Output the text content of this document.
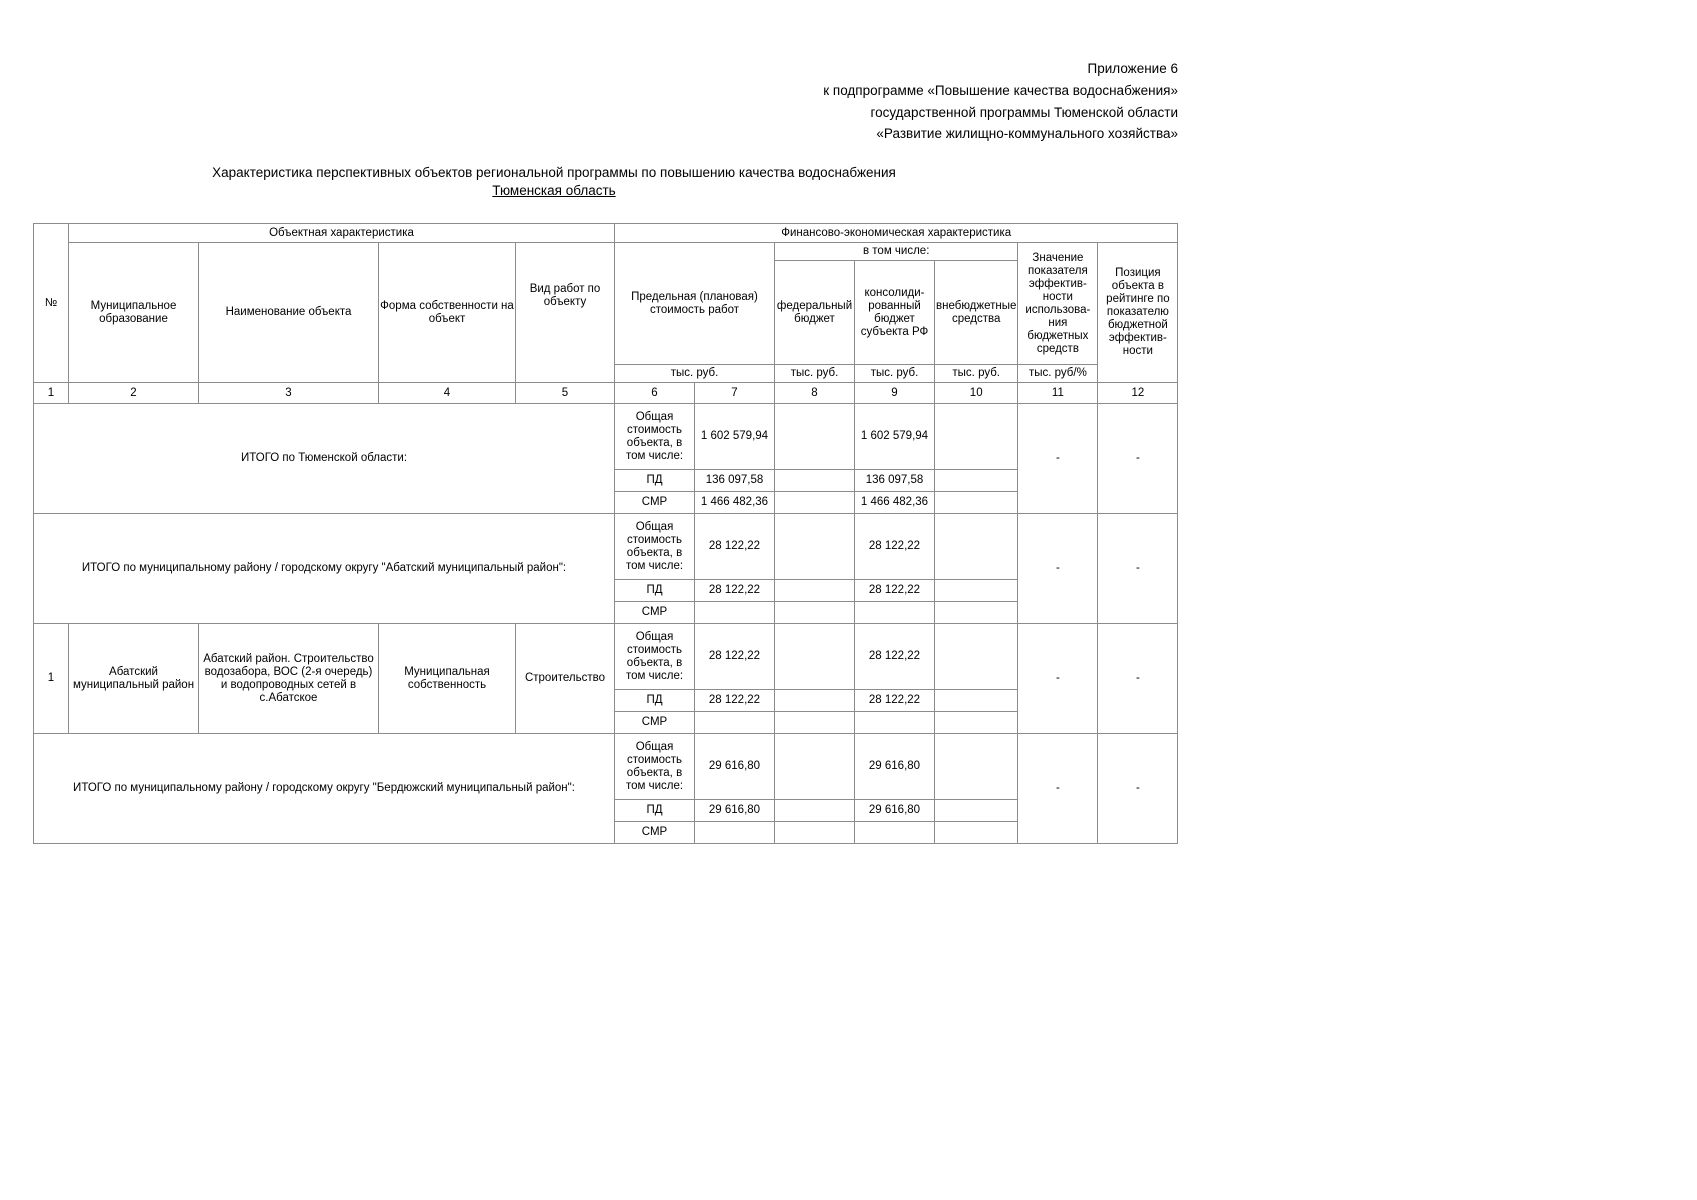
Приложение 6
к подпрограмме «Повышение качества водоснабжения»
государственной программы Тюменской области
«Развитие жилищно-коммунального хозяйства»
Характеристика перспективных объектов региональной программы по повышению качества водоснабжения
Тюменская область
№	Объектная характеристика				Финансово-экономическая характеристика						
	Муниципальное образование	Наименование объекта	Форма собственности на объект	Вид работ по объекту	Предельная (плановая) стоимость работ		в том числе:			Значение показателя эффектив-ности использова-ния бюджетных средств	Позиция объекта в рейтинге по показателю бюджетной эффектив-ности
							федеральный бюджет	консолиди-рованный бюджет субъекта РФ	внебюджетные средства		
					тыс. руб.		тыс. руб.	тыс. руб.	тыс. руб.	тыс. руб/%	
1	2	3	4	5	6	7	8	9	10	11	12
ИТОГО по Тюменской области:					Общая стоимость объекта, в том числе:	1 602 579,94		1 602 579,94		-	-
					ПД	136 097,58		136 097,58			
					СМР	1 466 482,36		1 466 482,36			
ИТОГО по муниципальному району / городскому округу "Абатский муниципальный район":					Общая стоимость объекта, в том числе:	28 122,22		28 122,22		-	-
					ПД	28 122,22		28 122,22			
					СМР						
1	Абатский муниципальный район	Абатский район. Строительство водозабора, ВОС (2-я очередь) и водопроводных сетей в с.Абатское	Муниципальная собственность	Строительство	Общая стоимость объекта, в том числе:	28 122,22		28 122,22		-	-
					ПД	28 122,22		28 122,22			
					СМР						
ИТОГО по муниципальному району / городскому округу "Бердюжский муниципальный район":					Общая стоимость объекта, в том числе:	29 616,80		29 616,80		-	-
					ПД	29 616,80		29 616,80			
					СМР						
